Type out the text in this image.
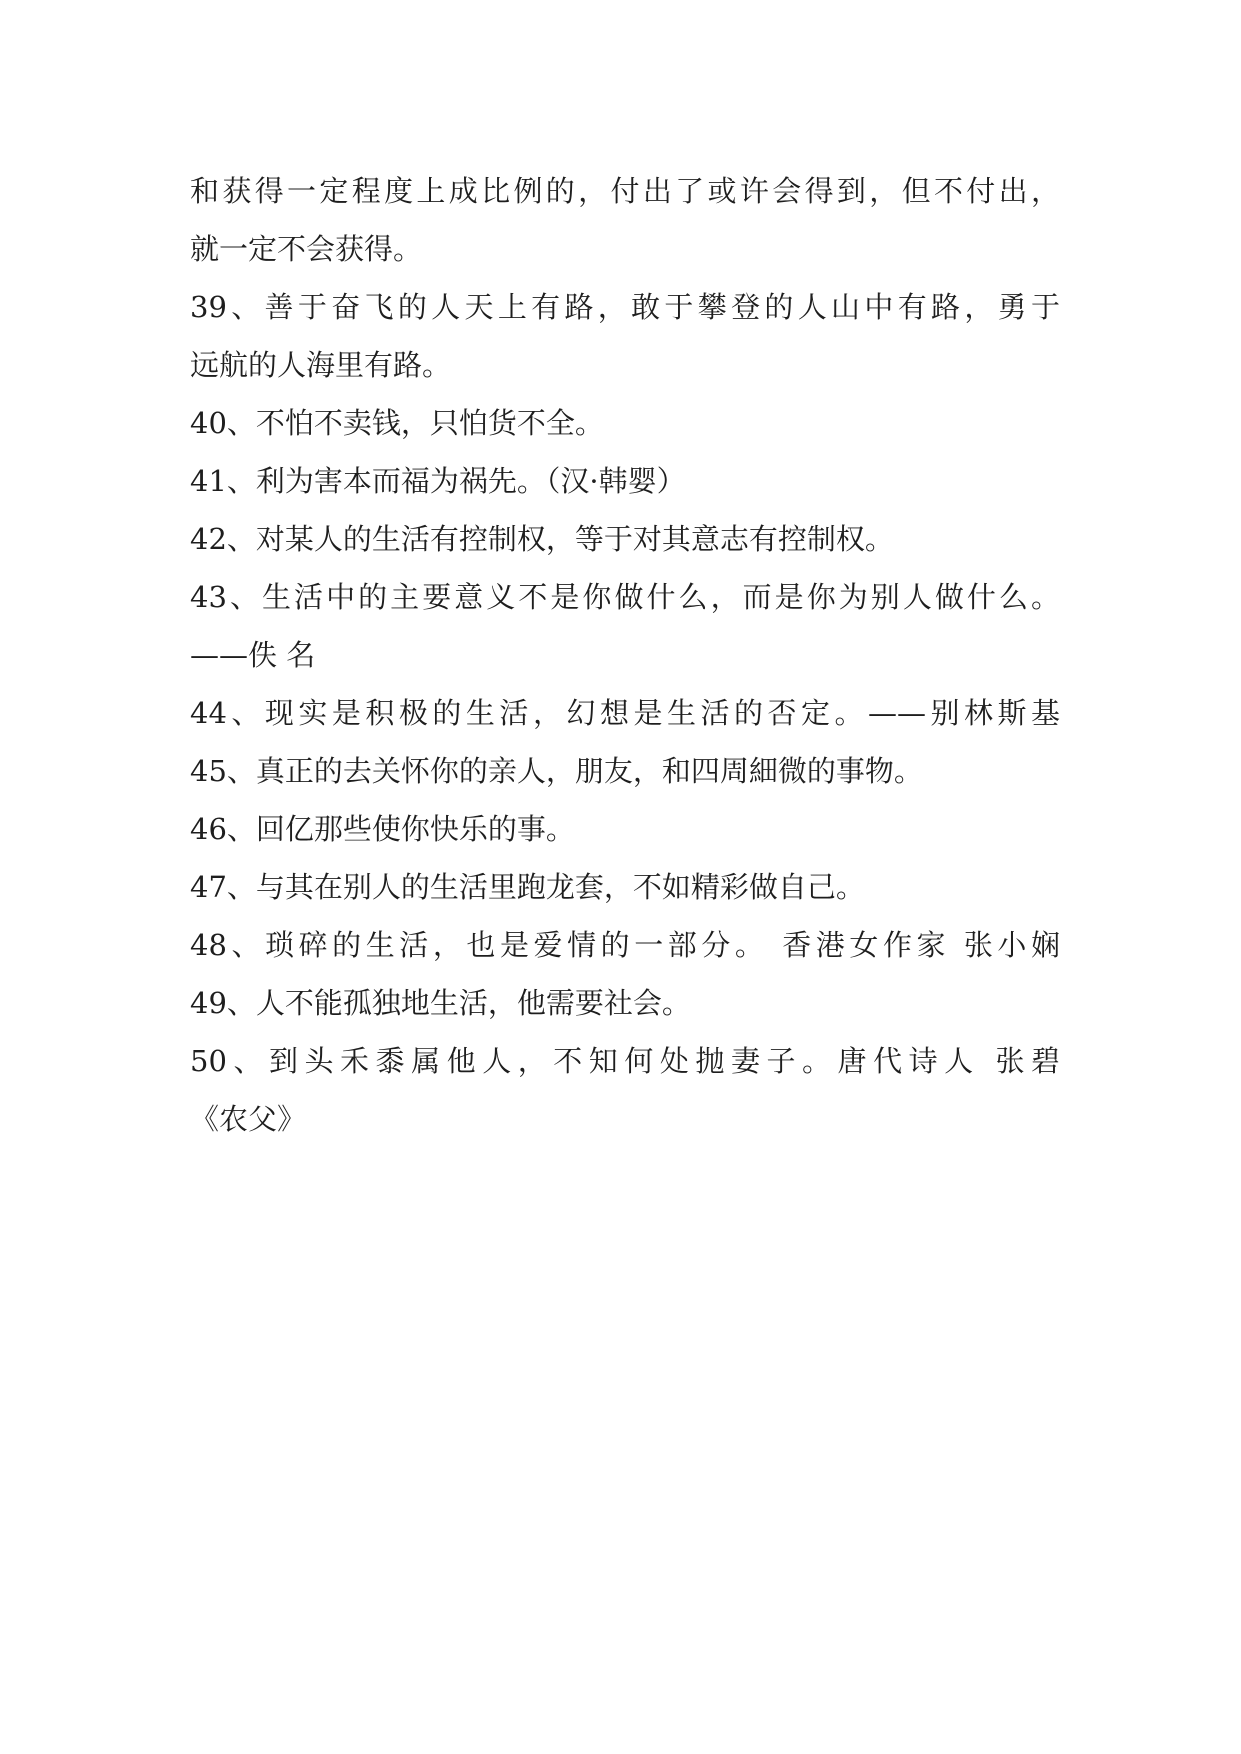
和获得一定程度上成比例的，付出了或许会得到，但不付出，
就一定不会获得。
39、善于奋飞的人天上有路，敢于攀登的人山中有路，勇于
远航的人海里有路。
40、不怕不卖钱，只怕货不全。
41、利为害本而福为祸先。（汉·韩婴）
42、对某人的生活有控制权，等于对其意志有控制权。
43、生活中的主要意义不是你做什么，而是你为别人做什么。
——佚 名
44、现实是积极的生活，幻想是生活的否定。——别林斯基
45、真正的去关怀你的亲人，朋友，和四周細微的事物。
46、回亿那些使你快乐的事。
47、与其在别人的生活里跑龙套，不如精彩做自己。
48、琐碎的生活，也是爱情的一部分。 香港女作家 张小娴
49、人不能孤独地生活，他需要社会。
50、到头禾黍属他人，不知何处抛妻子。唐代诗人 张碧
《农父》
